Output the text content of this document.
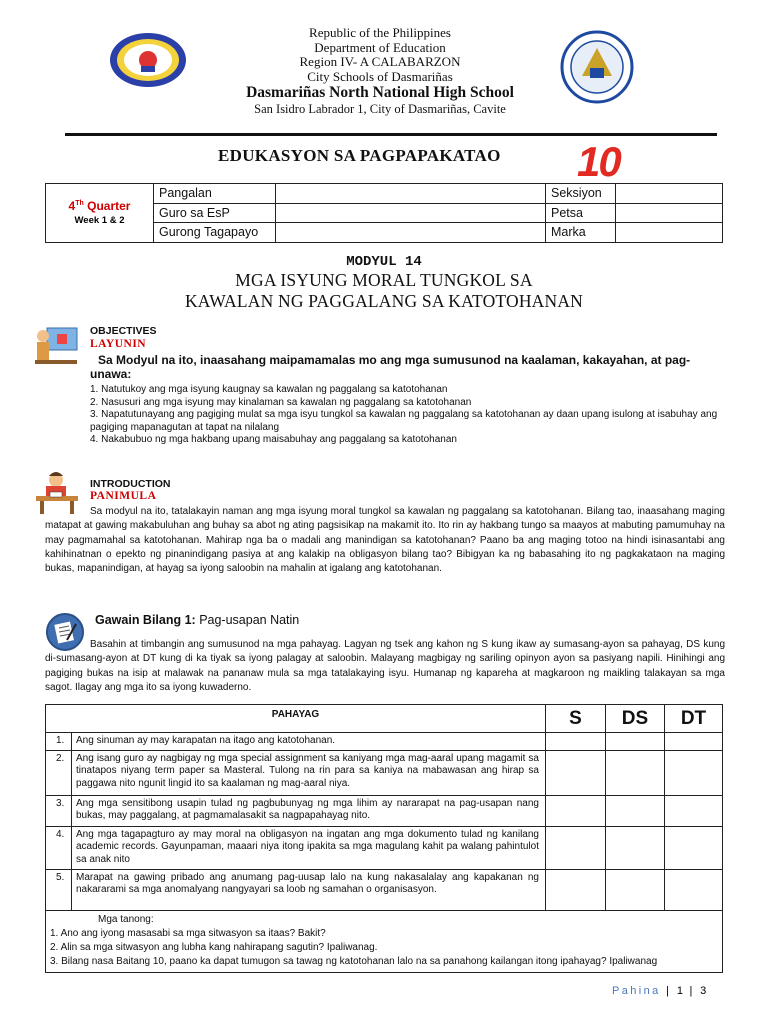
Republic of the Philippines
Department of Education
Region IV- A CALABARZON
City Schools of Dasmariñas
Dasmariñas North National High School
San Isidro Labrador 1, City of Dasmariñas, Cavite
EDUKASYON SA PAGPAPAKATAO 10
4Th Quarter
Week 1 & 2	Pangalan		Seksiyon	
	Guro sa EsP		Petsa	
	Gurong Tagapayo		Marka	
MODYUL 14
MGA ISYUNG MORAL TUNGKOL SA
KAWALAN NG PAGGALANG SA KATOTOHANAN
OBJECTIVES
LAYUNIN
Sa Modyul na ito, inaasahang maipamamalas mo ang mga sumusunod na kaalaman, kakayahan, at pag-unawa:
1. Natutukoy ang mga isyung kaugnay sa kawalan ng paggalang sa katotohanan
2. Nasusuri ang mga isyung may kinalaman sa kawalan ng paggalang sa katotohanan
3. Napatutunayang ang pagiging mulat sa mga isyu tungkol sa kawalan ng paggalang sa katotohanan ay daan upang isulong at isabuhay ang pagiging mapanagutan at tapat na nilalang
4. Nakabubuo ng mga hakbang upang maisabuhay ang paggalang sa katotohanan
INTRODUCTION
PANIMULA
Sa modyul na ito, tatalakayin naman ang mga isyung moral tungkol sa kawalan ng paggalang sa katotohanan. Bilang tao, inaasahang maging matapat at gawing makabuluhan ang buhay sa abot ng ating pagsisikap na makamit ito. Ito rin ay hakbang tungo sa maayos at mabuting pamumuhay na may pagmamahal sa katotohanan. Mahirap nga ba o madali ang manindigan sa katotohanan? Paano ba ang maging totoo na hindi isinasantabi ang kahihinatnan o epekto ng pinanindigang pasiya at ang kalakip na obligasyon bilang tao? Bibigyan ka ng babasahing ito ng pagkakataon na maging bukas, mapanindigan, at hayag sa iyong saloobin na mahalin at igalang ang katotohanan.
Gawain Bilang 1: Pag-usapan Natin
Basahin at timbangin ang sumusunod na mga pahayag. Lagyan ng tsek ang kahon ng S kung ikaw ay sumasang-ayon sa pahayag, DS kung di-sumasang-ayon at DT kung di ka tiyak sa iyong palagay at saloobin. Malayang magbigay ng sariling opinyon ayon sa pasiyang napili. Hinihingi ang pagiging bukas na isip at malawak na pananaw mula sa mga tatalakaying isyu. Humanap ng kapareha at magkaroon ng maikling talakayan sa mga sagot. Ilagay ang mga ito sa iyong kuwaderno.
PAHAYAG		S	DS	DT
1.	Ang sinuman ay may karapatan na itago ang katotohanan.			
2.	Ang isang guro ay nagbigay ng mga special assignment sa kaniyang mga mag-aaral upang magamit sa tinatapos niyang term paper sa Masteral. Tulong na rin para sa kaniya na mabawasan ang hirap sa paggawa nito ngunit lingid ito sa kaalaman ng mag-aaral niya.			
3.	Ang mga sensitibong usapin tulad ng pagbubunyag ng mga lihim ay nararapat na pag-usapan nang bukas, may paggalang, at pagmamalasakit sa nagpapahayag nito.			
4.	Ang mga tagapagturo ay may moral na obligasyon na ingatan ang mga dokumento tulad ng kanilang academic records. Gayunpaman, maaari niya itong ipakita sa mga magulang kahit pa walang pahintulot sa anak nito			
5.	Marapat na gawing pribado ang anumang pag-uusap lalo na kung nakasalalay ang kapakanan ng nakararami sa mga anomalyang nangyayari sa loob ng samahan o organisasyon.			

Mga tanong:
1. Ano ang iyong masasabi sa mga sitwasyon sa itaas? Bakit?
2. Alin sa mga sitwasyon ang lubha kang nahirapang sagutin? Ipaliwanag.
3. Bilang nasa Baitang 10, paano ka dapat tumugon sa tawag ng katotohanan lalo na sa panahong kailangan itong ipahayag? Ipaliwanag				
Pahina | 1 | 3
